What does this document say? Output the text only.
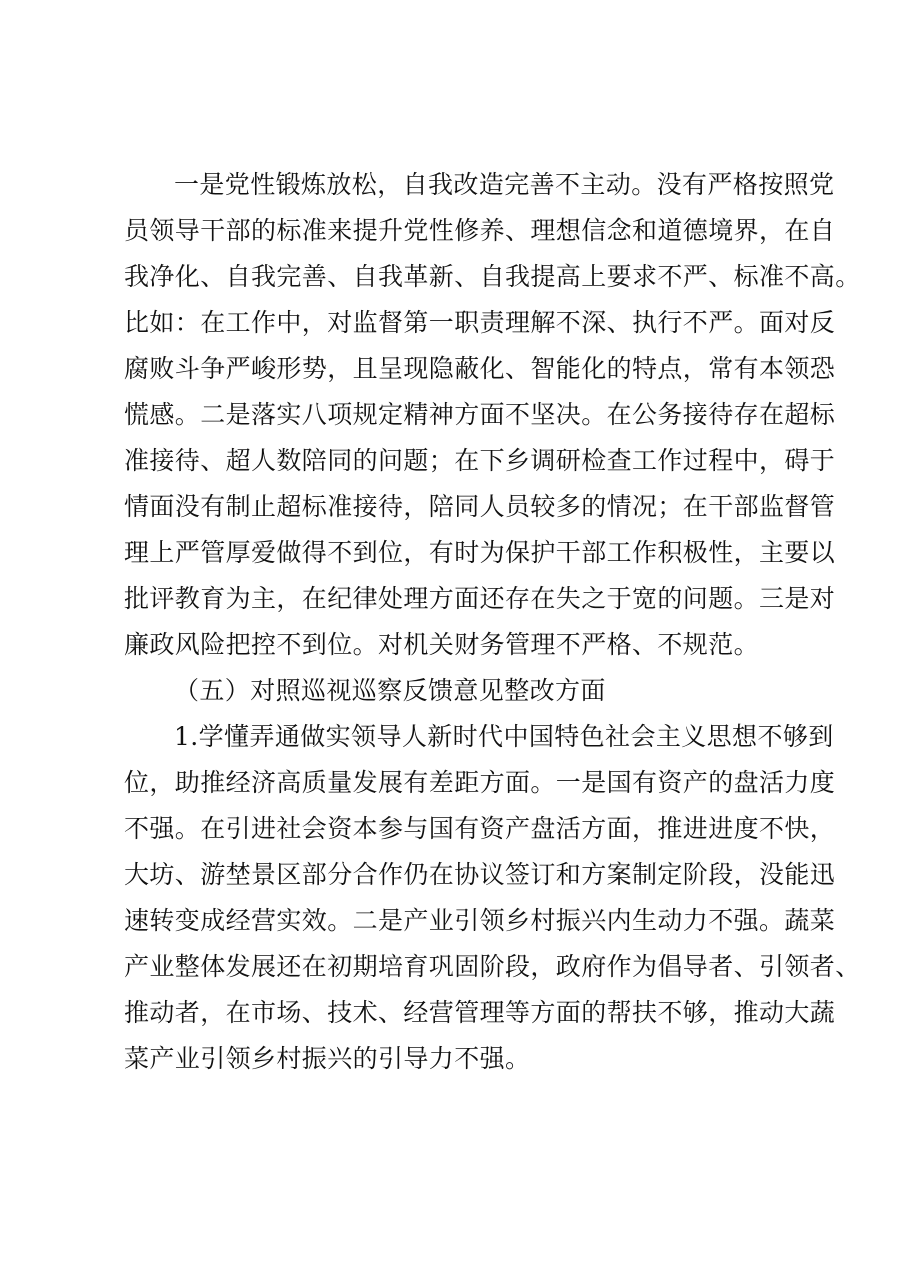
一是党性锻炼放松，自我改造完善不主动。没有严格按照党
员领导干部的标准来提升党性修养、理想信念和道德境界，在自
我净化、自我完善、自我革新、自我提高上要求不严、标准不高。
比如：在工作中，对监督第一职责理解不深、执行不严。面对反
腐败斗争严峻形势，且呈现隐蔽化、智能化的特点，常有本领恐
慌感。二是落实八项规定精神方面不坚决。在公务接待存在超标
准接待、超人数陪同的问题；在下乡调研检查工作过程中，碍于
情面没有制止超标准接待，陪同人员较多的情况；在干部监督管
理上严管厚爱做得不到位，有时为保护干部工作积极性，主要以
批评教育为主，在纪律处理方面还存在失之于宽的问题。三是对
廉政风险把控不到位。对机关财务管理不严格、不规范。
（五）对照巡视巡察反馈意见整改方面
1.学懂弄通做实领导人新时代中国特色社会主义思想不够到
位，助推经济高质量发展有差距方面。一是国有资产的盘活力度
不强。在引进社会资本参与国有资产盘活方面，推进进度不快，
大坊、游埜景区部分合作仍在协议签订和方案制定阶段，没能迅
速转变成经营实效。二是产业引领乡村振兴内生动力不强。蔬菜
产业整体发展还在初期培育巩固阶段，政府作为倡导者、引领者、
推动者，在市场、技术、经营管理等方面的帮扶不够，推动大蔬
菜产业引领乡村振兴的引导力不强。
